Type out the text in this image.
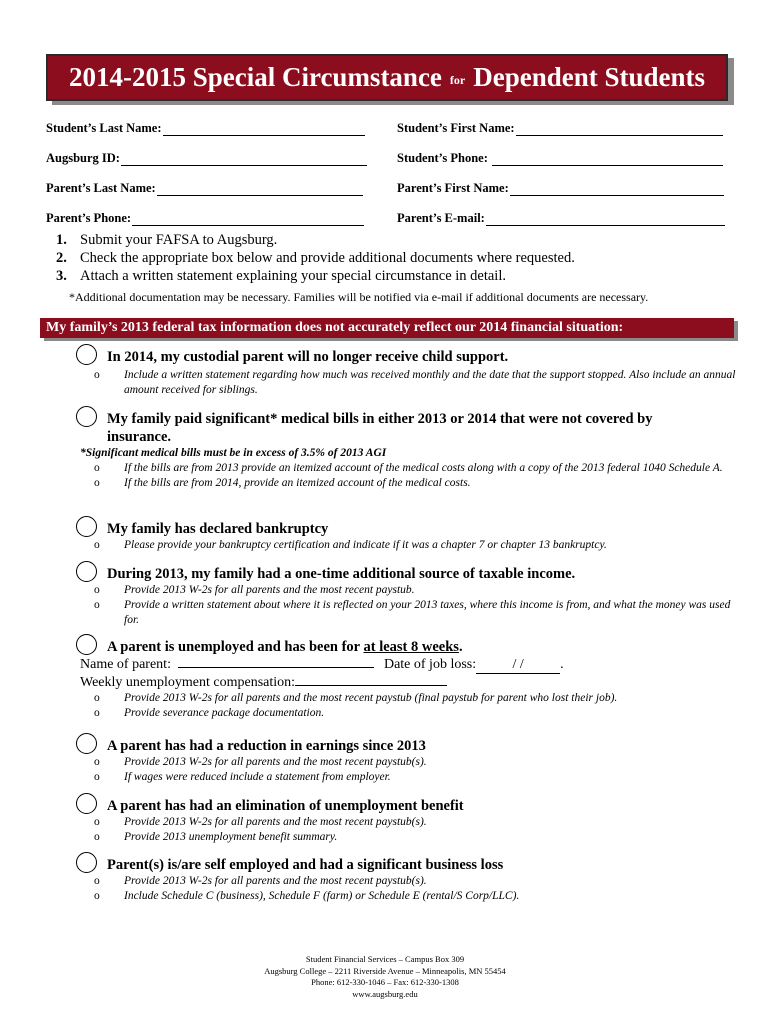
2014-2015 Special Circumstance for Dependent Students
Student’s Last Name:	Student’s First Name:
Augsburg ID:	Student’s Phone:
Parent’s Last Name:	Parent’s First Name:
Parent’s Phone:	Parent’s E-mail:
1. Submit your FAFSA to Augsburg.
2. Check the appropriate box below and provide additional documents where requested.
3. Attach a written statement explaining your special circumstance in detail.
*Additional documentation may be necessary. Families will be notified via e-mail if additional documents are necessary.
My family’s 2013 federal tax information does not accurately reflect our 2014 financial situation:
In 2014, my custodial parent will no longer receive child support.
o	Include a written statement regarding how much was received monthly and the date that the support stopped. Also include an annual amount received for siblings.
My family paid significant* medical bills in either 2013 or 2014 that were not covered by insurance.
*Significant medical bills must be in excess of 3.5% of 2013 AGI
o	If the bills are from 2013 provide an itemized account of the medical costs along with a copy of the 2013 federal 1040 Schedule A.
o	If the bills are from 2014, provide an itemized account of the medical costs.
My family has declared bankruptcy
o	Please provide your bankruptcy certification and indicate if it was a chapter 7 or chapter 13 bankruptcy.
During 2013, my family had a one-time additional source of taxable income.
o	Provide 2013 W-2s for all parents and the most recent paystub.
o	Provide a written statement about where it is reflected on your 2013 taxes, where this income is from, and what the money was used for.
A parent is unemployed and has been for at least 8 weeks.
Name of parent:	Date of job loss:	/ /	.
Weekly unemployment compensation:
o	Provide 2013 W-2s for all parents and the most recent paystub (final paystub for parent who lost their job).
o	Provide severance package documentation.
A parent has had a reduction in earnings since 2013
o	Provide 2013 W-2s for all parents and the most recent paystub(s).
o	If wages were reduced include a statement from employer.
A parent has had an elimination of unemployment benefit
o	Provide 2013 W-2s for all parents and the most recent paystub(s).
o	Provide 2013 unemployment benefit summary.
Parent(s) is/are self employed and had a significant business loss
o	Provide 2013 W-2s for all parents and the most recent paystub(s).
o	Include Schedule C (business), Schedule F (farm) or Schedule E (rental/S Corp/LLC).
Student Financial Services – Campus Box 309
Augsburg College – 2211 Riverside Avenue – Minneapolis, MN 55454
Phone: 612-330-1046 – Fax: 612-330-1308
www.augsburg.edu
